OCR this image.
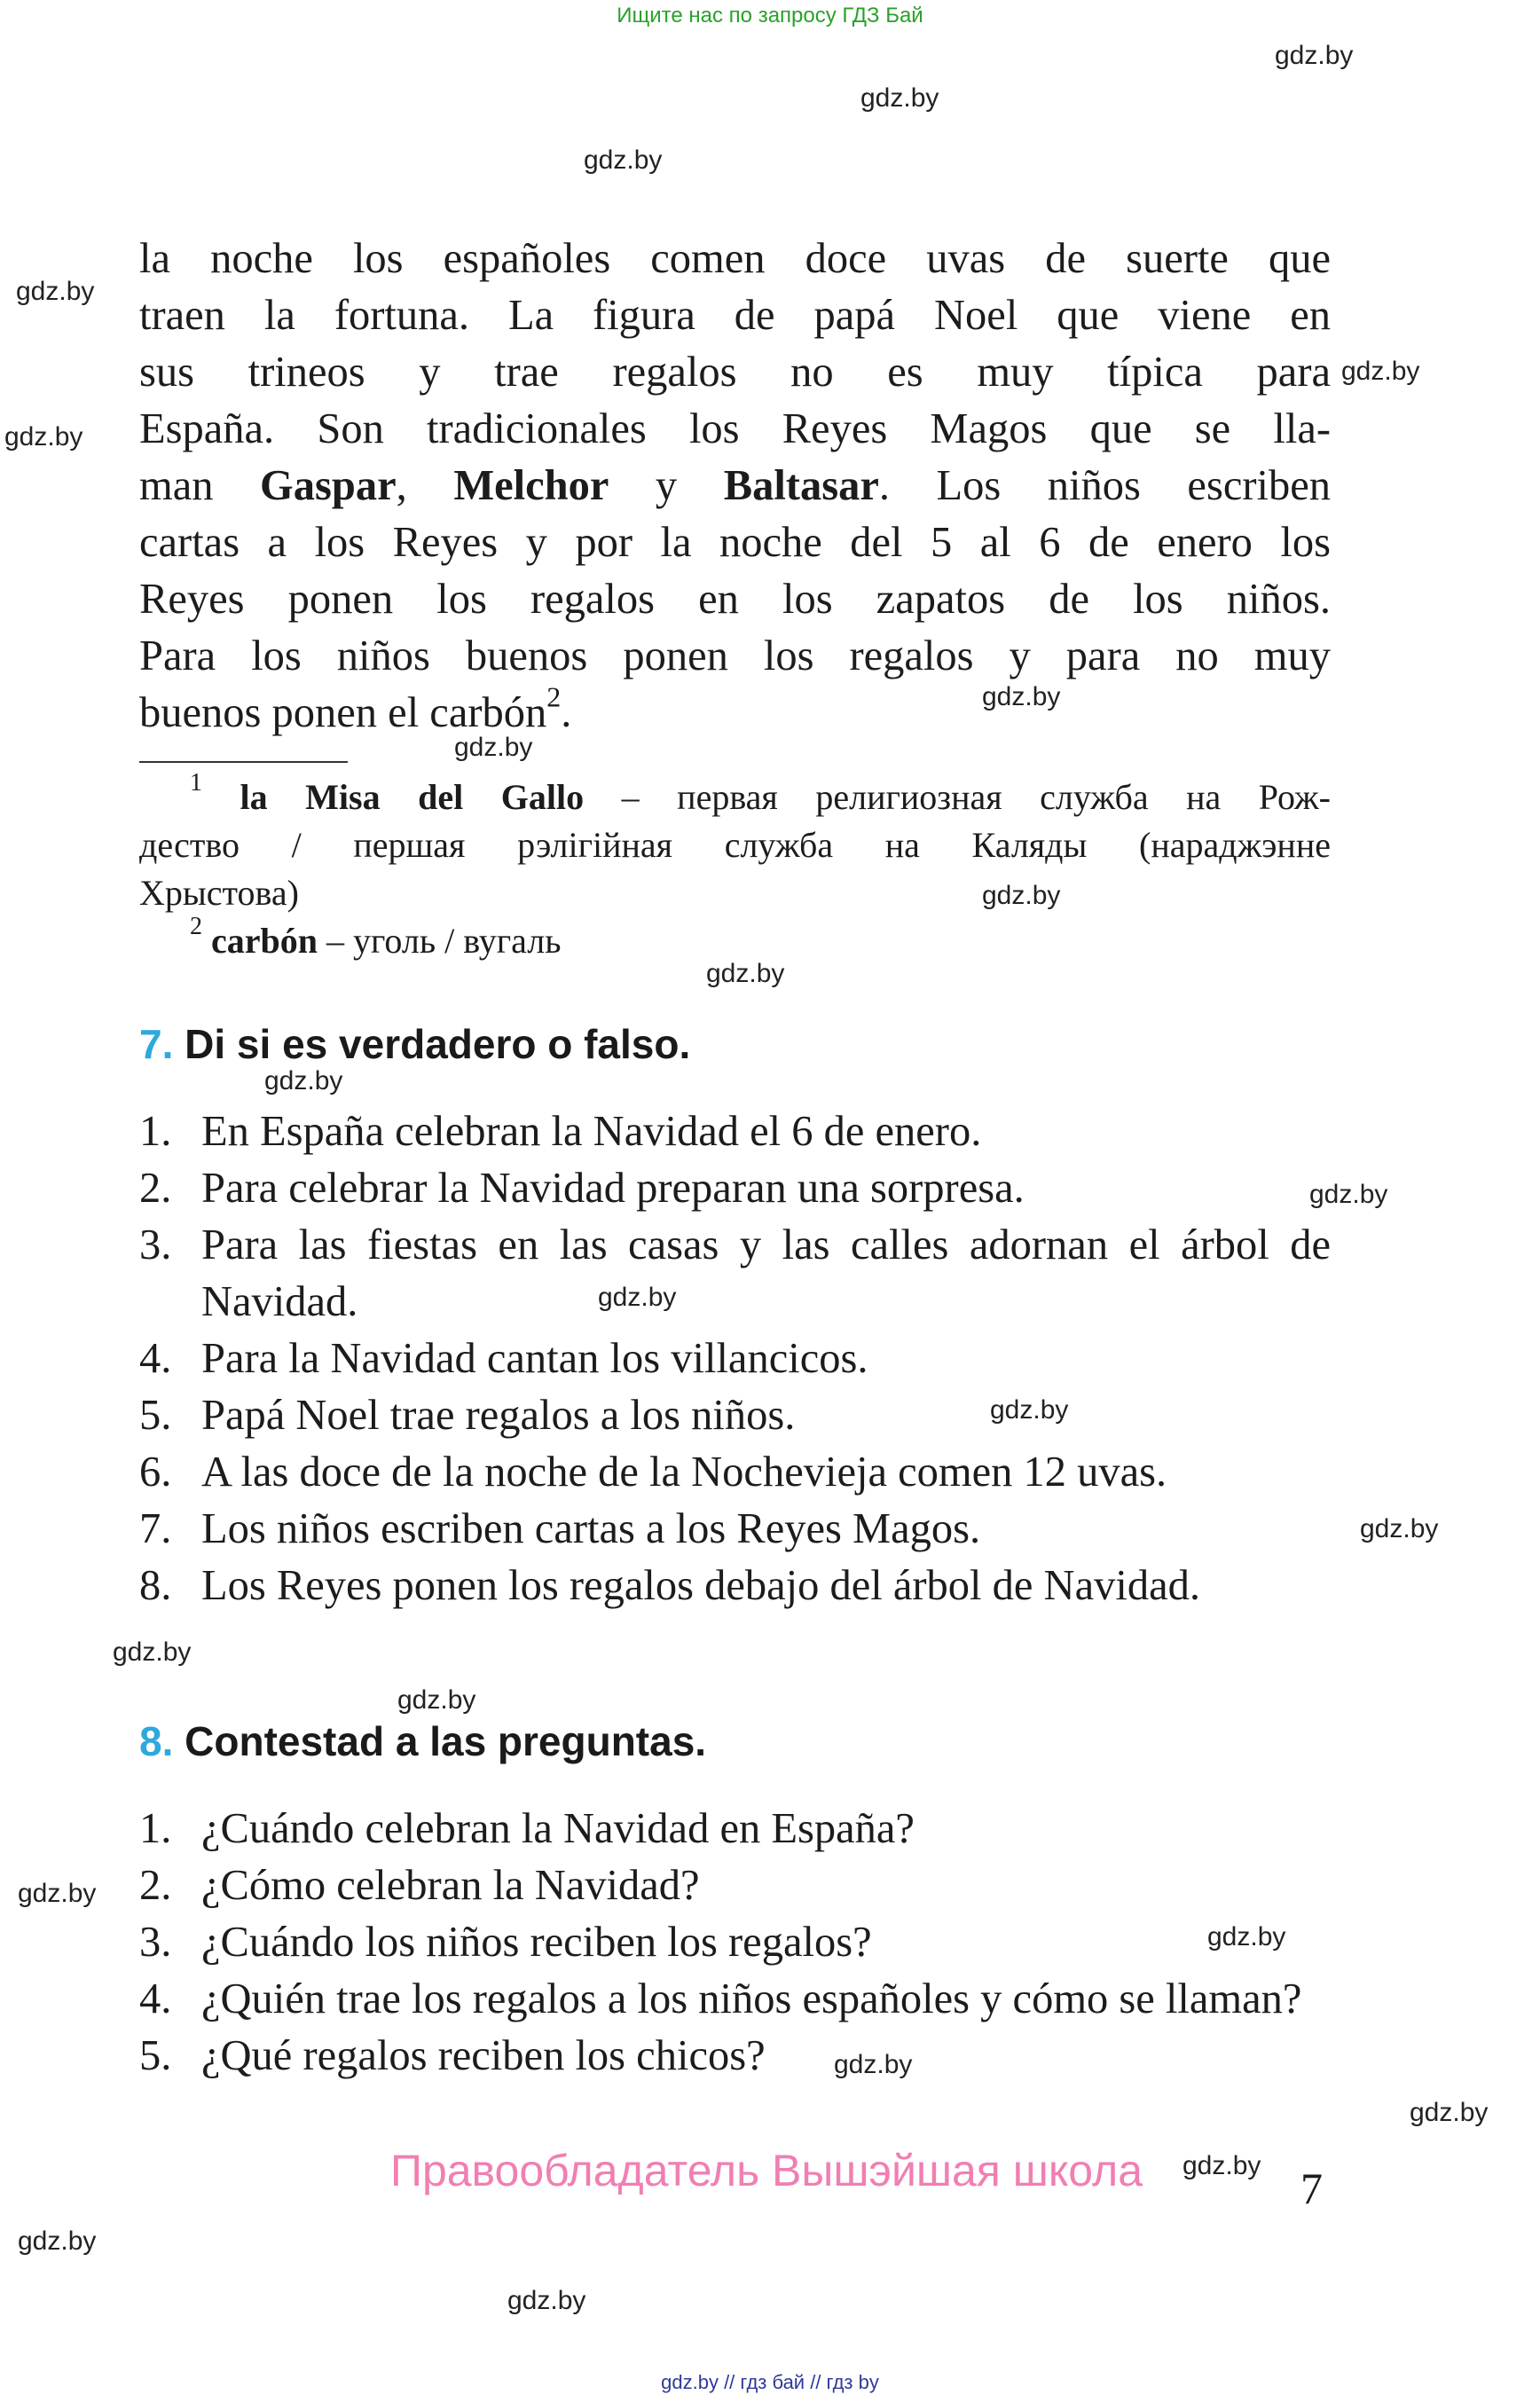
Ищите нас по запросу ГДЗ Бай
gdz.by
gdz.by
gdz.by
gdz.by
gdz.by
gdz.by
gdz.by
gdz.by
gdz.by
gdz.by
gdz.by
gdz.by
gdz.by
gdz.by
gdz.by
gdz.by
gdz.by
gdz.by
gdz.by
gdz.by
gdz.by
gdz.by
gdz.by
gdz.by

la noche los españoles comen doce uvas de suerte que

traen la fortuna. La figura de papá Noel que viene en

sus trineos y trae regalos no es muy típica para

España. Son tradicionales los Reyes Magos que se lla-

man Gaspar, Melchor y Baltasar. Los niños escriben

cartas a los Reyes y por la noche del 5 al 6 de enero los

Reyes ponen los regalos en los zapatos de los niños.

Para los niños buenos ponen los regalos y para no muy

buenos ponen el carbón$^2$.

$^1$ la Misa del Gallo – первая религиозная служба на Рож-

дество / першая рэлігійная служба на Каляды (нараджэнне

Хрыстова)

$^2$ carbón – уголь / вугаль

7. Di si es verdadero o falso.
1. En España celebran la Navidad el 6 de enero.
2. Para celebrar la Navidad preparan una sorpresa.
3. Para las fiestas en las casas y las calles adornan el árbol de Navidad.
4. Para la Navidad cantan los villancicos.
5. Papá Noel trae regalos a los niños.
6. A las doce de la noche de la Nochevieja comen 12 uvas.
7. Los niños escriben cartas a los Reyes Magos.
8. Los Reyes ponen los regalos debajo del árbol de Navidad.
8. Contestad a las preguntas.
1. ¿Cuándo celebran la Navidad en España?
2. ¿Cómo celebran la Navidad?
3. ¿Cuándo los niños reciben los regalos?
4. ¿Quién trae los regalos a los niños españoles y cómo se llaman?
5. ¿Qué regalos reciben los chicos?
Правообладатель Вышэйшая школа	7
gdz.by // гдз бай // гдз by
